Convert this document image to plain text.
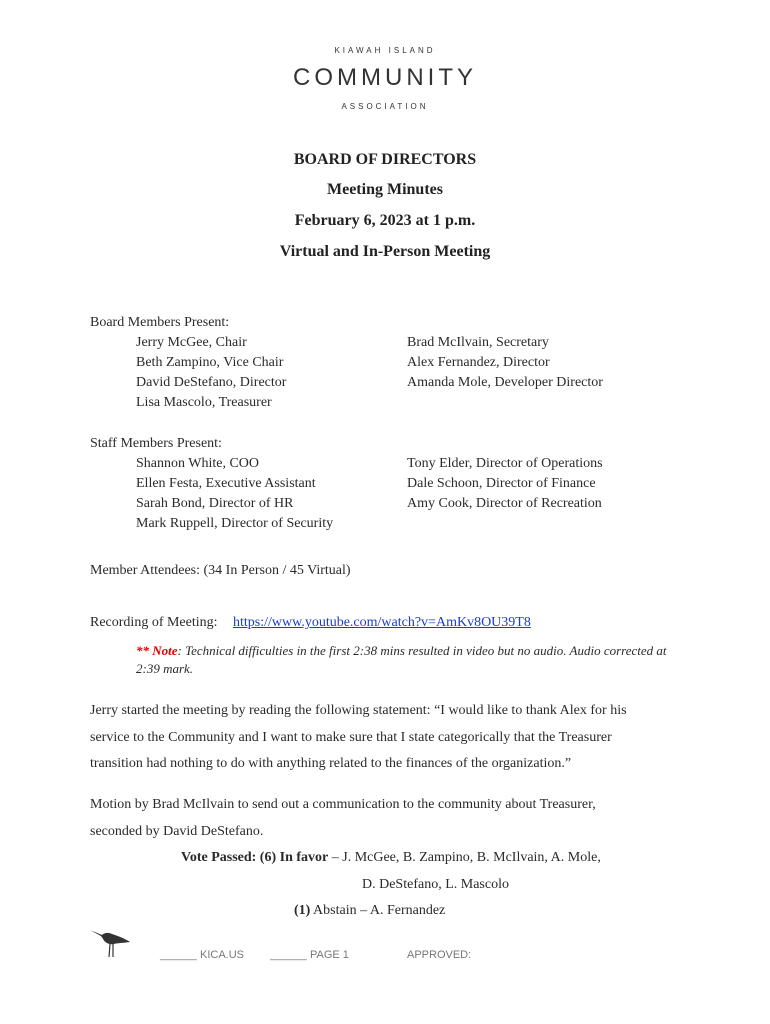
KIAWAH ISLAND
COMMUNITY
ASSOCIATION
BOARD OF DIRECTORS
Meeting Minutes
February 6, 2023 at 1 p.m.
Virtual and In-Person Meeting
Board Members Present:
Jerry McGee, Chair
Beth Zampino, Vice Chair
David DeStefano, Director
Lisa Mascolo, Treasurer
Brad McIlvain, Secretary
Alex Fernandez, Director
Amanda Mole, Developer Director
Staff Members Present:
Shannon White, COO
Ellen Festa, Executive Assistant
Sarah Bond, Director of HR
Mark Ruppell, Director of Security
Tony Elder, Director of Operations
Dale Schoon, Director of Finance
Amy Cook, Director of Recreation
Member Attendees: (34 In Person / 45 Virtual)
Recording of Meeting: https://www.youtube.com/watch?v=AmKv8OU39T8
** Note: Technical difficulties in the first 2:38 mins resulted in video but no audio. Audio corrected at
2:39 mark.
Jerry started the meeting by reading the following statement: “I would like to thank Alex for his
service to the Community and I want to make sure that I state categorically that the Treasurer
transition had nothing to do with anything related to the finances of the organization.”
Motion by Brad McIlvain to send out a communication to the community about Treasurer,
seconded by David DeStefano.
Vote Passed: (6) In favor – J. McGee, B. Zampino, B. McIlvain, A. Mole,
D. DeStefano, L. Mascolo
(1) Abstain – A. Fernandez
______ KICA.US ______ PAGE 1	APPROVED:
